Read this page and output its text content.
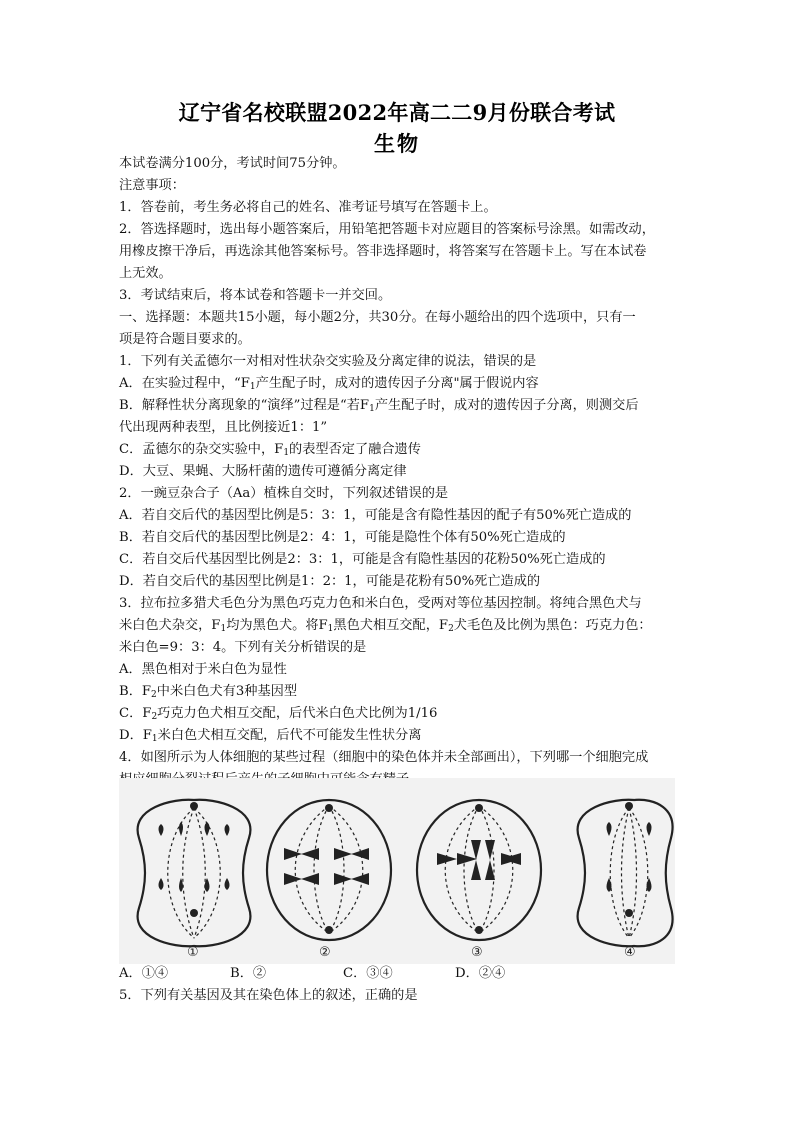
辽宁省名校联盟2022年高二二9月份联合考试
生物
本试卷满分100分，考试时间75分钟。
注意事项：
1．答卷前，考生务必将自己的姓名、准考证号填写在答题卡上。
2．答选择题时，选出每小题答案后，用铅笔把答题卡对应题目的答案标号涂黑。如需改动，
用橡皮擦干净后，再选涂其他答案标号。答非选择题时，将答案写在答题卡上。写在本试卷
上无效。
3．考试结束后，将本试卷和答题卡一并交回。
一、选择题：本题共15小题，每小题2分，共30分。在每小题给出的四个选项中，只有一
项是符合题目要求的。
1．下列有关孟德尔一对相对性状杂交实验及分离定律的说法，错误的是
A．在实验过程中，“$F_1$产生配子时，成对的遗传因子分离"属于假说内容
B．解释性状分离现象的“演绎”过程是“若$F_1$产生配子时，成对的遗传因子分离，则测交后
代出现两种表型，且比例接近1：1”
C．孟德尔的杂交实验中，$F_1$的表型否定了融合遗传
D．大豆、果蝇、大肠杆菌的遗传可遵循分离定律
2．一豌豆杂合子（Aa）植株自交时，下列叙述错误的是
A．若自交后代的基因型比例是5：3：1，可能是含有隐性基因的配子有50%死亡造成的
B．若自交后代的基因型比例是2：4：1，可能是隐性个体有50%死亡造成的
C．若自交后代基因型比例是2：3：1，可能是含有隐性基因的花粉50%死亡造成的
D．若自交后代的基因型比例是1：2：1，可能是花粉有50%死亡造成的
3．拉布拉多猎犬毛色分为黑色巧克力色和米白色，受两对等位基因控制。将纯合黑色犬与
米白色犬杂交，$F_1$均为黑色犬。将$F_1$黑色犬相互交配，$F_2$犬毛色及比例为黑色：巧克力色：
米白色=9：3：4。下列有关分析错误的是
A．黑色相对于米白色为显性
B．$F_2$中米白色犬有3种基因型
C．$F_2$巧克力色犬相互交配，后代米白色犬比例为1/16
D．$F_1$米白色犬相互交配，后代不可能发生性状分离
4．如图所示为人体细胞的某些过程（细胞中的染色体并未全部画出），下列哪一个细胞完成
①	②	③	④
A．①④	B．②	C．③④	D．②④
5．下列有关基因及其在染色体上的叙述，正确的是
